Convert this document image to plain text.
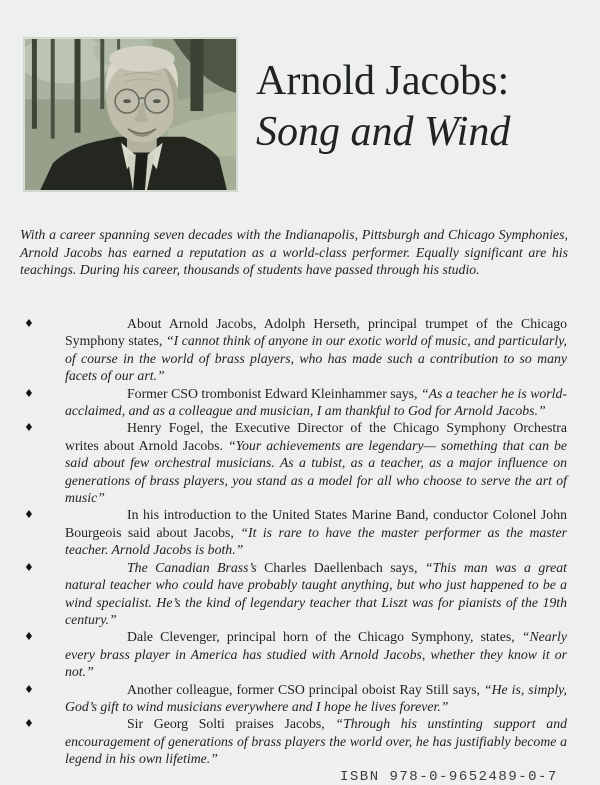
Arnold Jacobs:
Song and Wind

With a career spanning seven decades with the Indianapolis, Pittsburgh and Chicago Symphonies, Arnold Jacobs has earned a reputation as a world-class performer. Equally significant are his teachings. During his career, thousands of students have passed through his studio.

♦	About Arnold Jacobs, Adolph Herseth, principal trumpet of the Chicago Symphony states, “I cannot think of anyone in our exotic world of music, and particularly, of course in the world of brass players, who has made such a contribution to so many facets of our art.”
♦	Former CSO trombonist Edward Kleinhammer says, “As a teacher he is world-acclaimed, and as a colleague and musician, I am thankful to God for Arnold Jacobs.”
♦	Henry Fogel, the Executive Director of the Chicago Symphony Orchestra writes about Arnold Jacobs. “Your achievements are legendary— something that can be said about few orchestral musicians. As a tubist, as a teacher, as a major influence on generations of brass players, you stand as a model for all who choose to serve the art of music”
♦	In his introduction to the United States Marine Band, conductor Colonel John Bourgeois said about Jacobs, “It is rare to have the master performer as the master teacher. Arnold Jacobs is both.”
♦	The Canadian Brass’s Charles Daellenbach says, “This man was a great natural teacher who could have probably taught anything, but who just happened to be a wind specialist. He’s the kind of legendary teacher that Liszt was for pianists of the 19th century.”
♦	Dale Clevenger, principal horn of the Chicago Symphony, states, “Nearly every brass player in America has studied with Arnold Jacobs, whether they know it or not.”
♦	Another colleague, former CSO principal oboist Ray Still says, “He is, simply, God’s gift to wind musicians everywhere and I hope he lives forever.”
♦	Sir Georg Solti praises Jacobs, “Through his unstinting support and encouragement of generations of brass players the world over, he has justifiably become a legend in his own lifetime.”
ISBN 978-0-9652489-0-7
